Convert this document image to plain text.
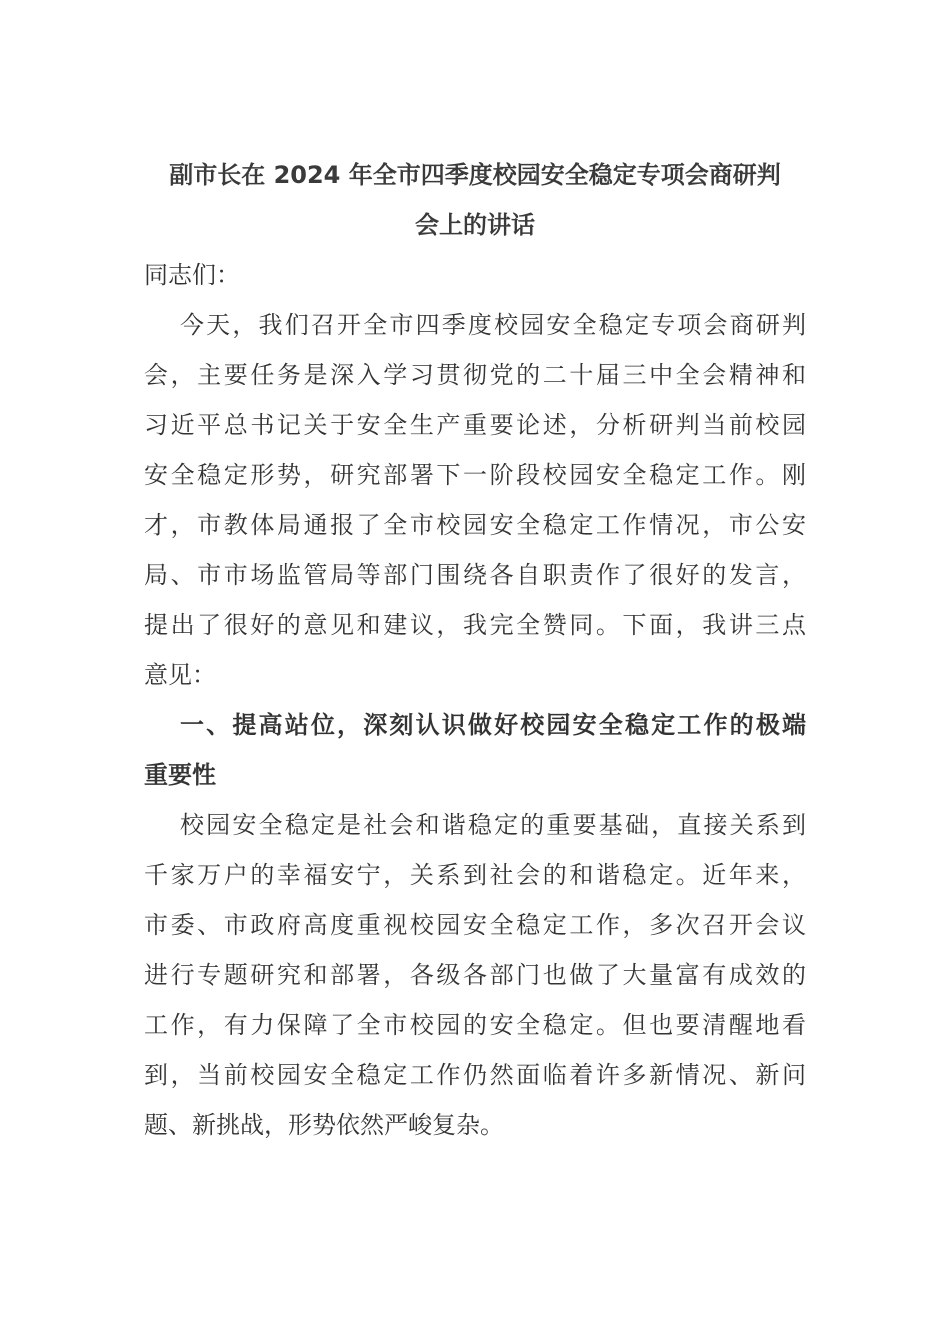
副市长在 2024 年全市四季度校园安全稳定专项会商研判
会上的讲话

同志们：

今天，我们召开全市四季度校园安全稳定专项会商研判
会，主要任务是深入学习贯彻党的二十届三中全会精神和
习近平总书记关于安全生产重要论述，分析研判当前校园
安全稳定形势，研究部署下一阶段校园安全稳定工作。刚
才，市教体局通报了全市校园安全稳定工作情况，市公安
局、市市场监管局等部门围绕各自职责作了很好的发言，
提出了很好的意见和建议，我完全赞同。下面，我讲三点
意见：
一、提高站位，深刻认识做好校园安全稳定工作的极端
重要性
校园安全稳定是社会和谐稳定的重要基础，直接关系到
千家万户的幸福安宁，关系到社会的和谐稳定。近年来，
市委、市政府高度重视校园安全稳定工作，多次召开会议
进行专题研究和部署，各级各部门也做了大量富有成效的
工作，有力保障了全市校园的安全稳定。但也要清醒地看
到，当前校园安全稳定工作仍然面临着许多新情况、新问
题、新挑战，形势依然严峻复杂。
